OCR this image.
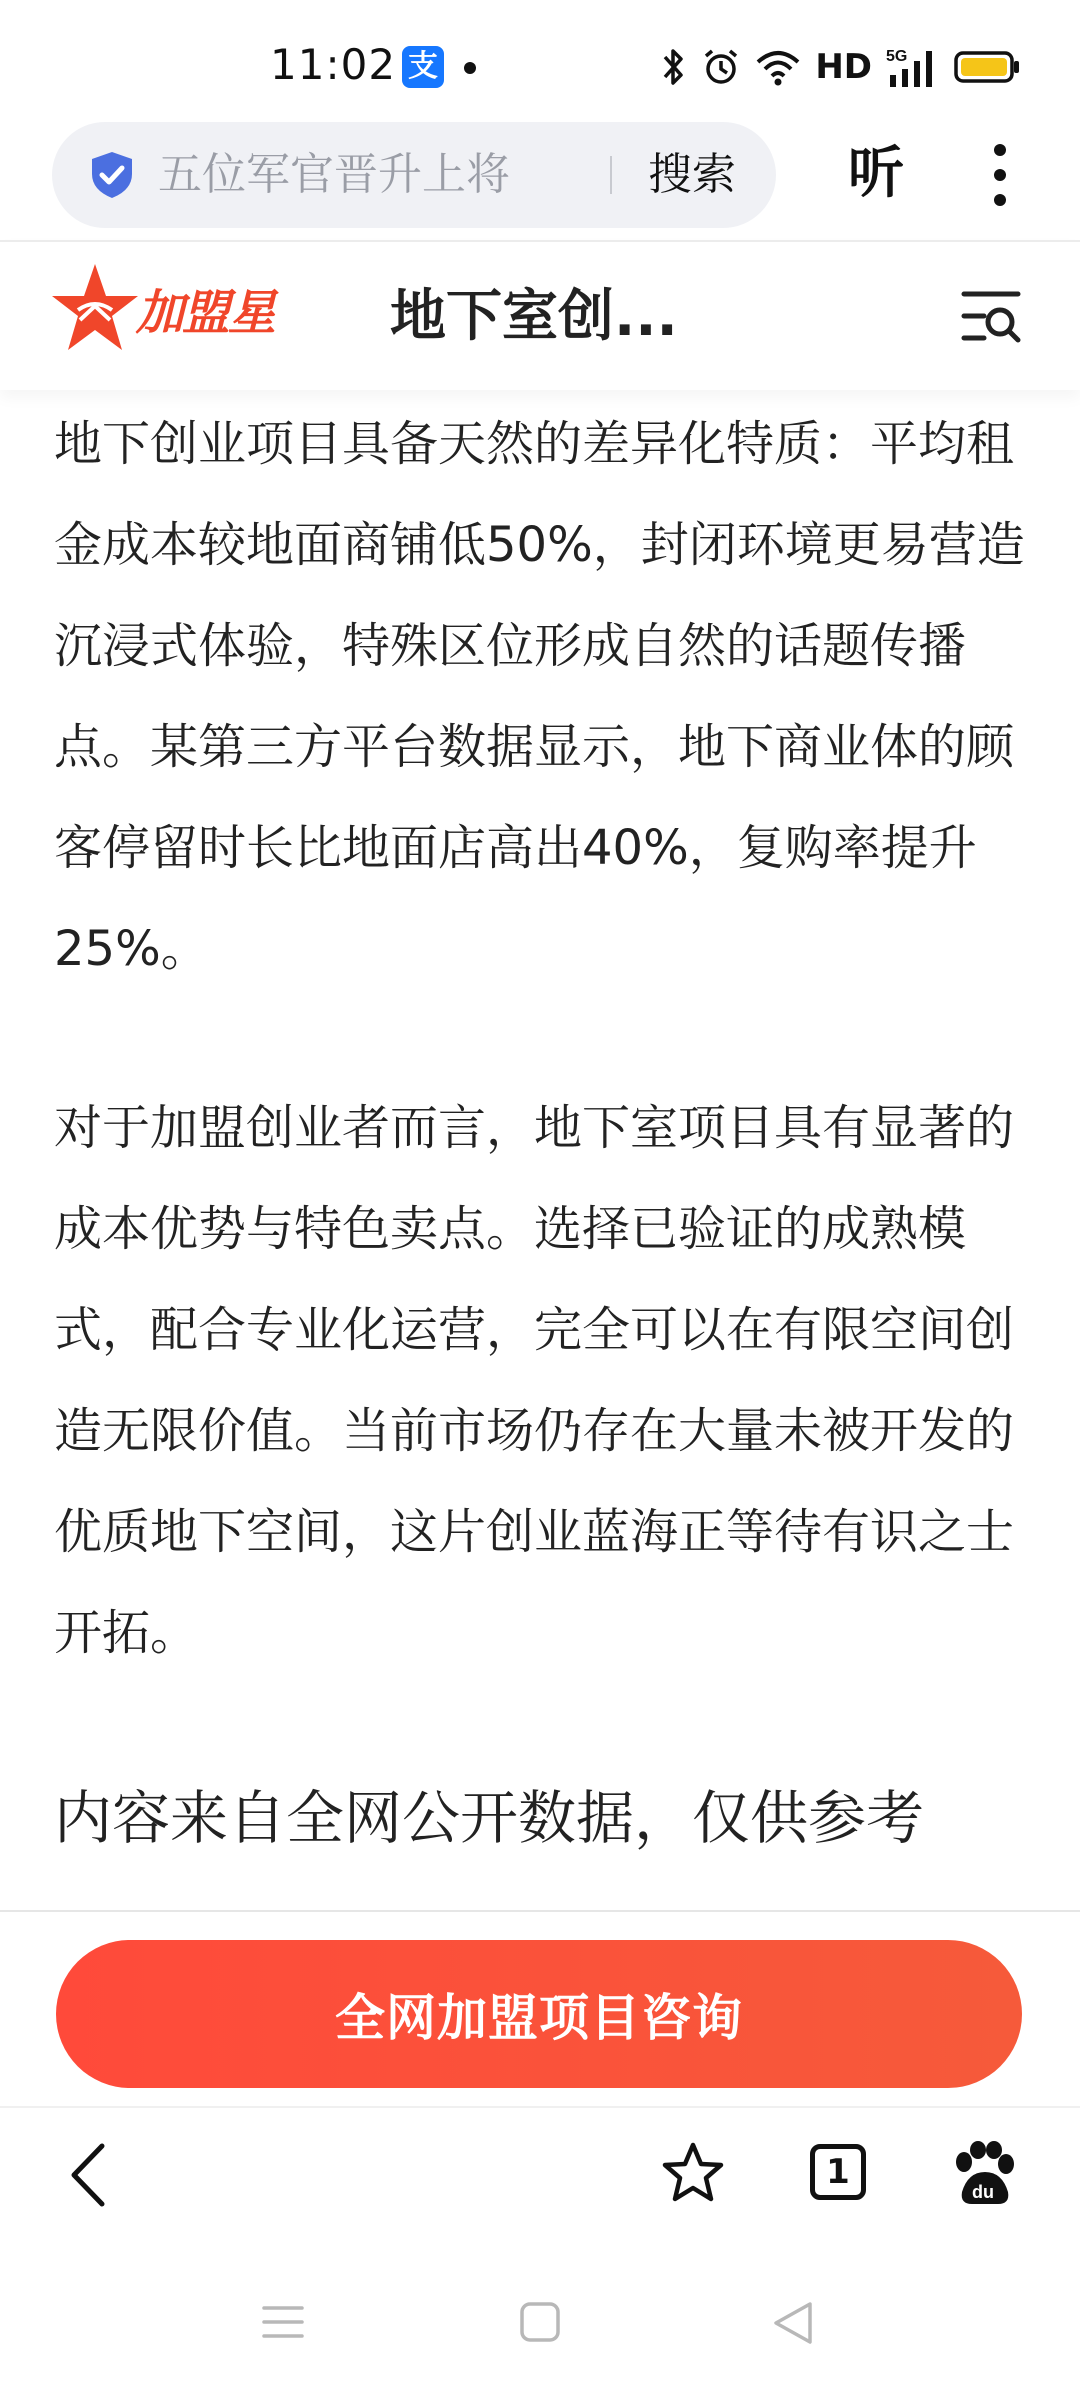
11:02 支	HD 5G
五位军官晋升上将	搜索 听
加盟星 地下室创...

地下创业项目具备天然的差异化特质：平均租金成本较地面商铺低50%，封闭环境更易营造沉浸式体验，特殊区位形成自然的话题传播点。某第三方平台数据显示，地下商业体的顾客停留时长比地面店高出40%，复购率提升25%。

对于加盟创业者而言，地下室项目具有显著的成本优势与特色卖点。选择已验证的成熟模式，配合专业化运营，完全可以在有限空间创造无限价值。当前市场仍存在大量未被开发的优质地下空间，这片创业蓝海正等待有识之士开拓。

内容来自全网公开数据，仅供参考
全网加盟项目咨询
1	du
